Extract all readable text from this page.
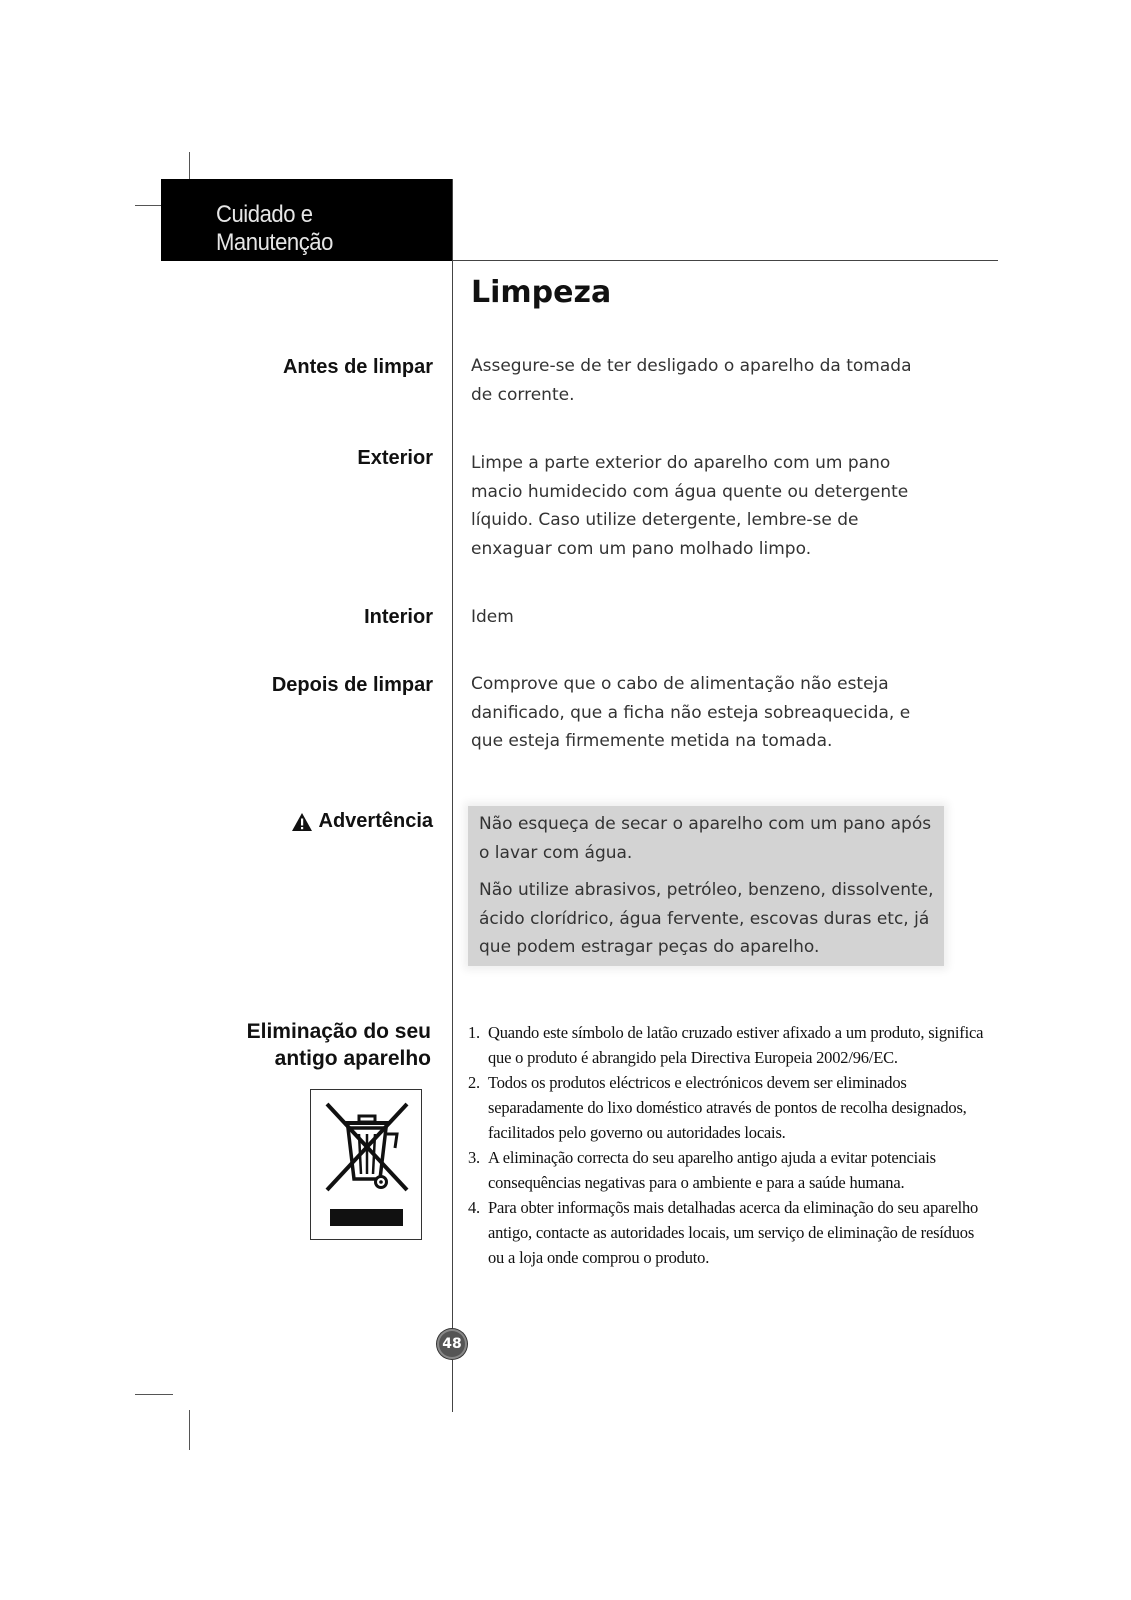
Cuidado e Manutenção
Limpeza
Antes de limpar Assegure-se de ter desligado o aparelho da tomada de corrente.
Exterior Limpe a parte exterior do aparelho com um pano macio humidecido com água quente ou detergente líquido. Caso utilize detergente, lembre-se de enxaguar com um pano molhado limpo.
Interior Idem
Depois de limpar Comprove que o cabo de alimentação não esteja danificado, que a ficha não esteja sobreaquecida, e que esteja firmemente metida na tomada.
Advertência	Não esqueça de secar o aparelho com um pano após o lavar com água.

Não utilize abrasivos, petróleo, benzeno, dissolvente, ácido clorídrico, água fervente, escovas duras etc, já que podem estragar peças do aparelho.

Eliminação do seu
antigo aparelho
1. Quando este símbolo de latão cruzado estiver afixado a um produto, significa que o produto é abrangido pela Directiva Europeia 2002/96/EC.
2. Todos os produtos eléctricos e electrónicos devem ser eliminados separadamente do lixo doméstico através de pontos de recolha designados, facilitados pelo governo ou autoridades locais.
3. A eliminação correcta do seu aparelho antigo ajuda a evitar potenciais consequências negativas para o ambiente e para a saúde humana.
4. Para obter informaçõs mais detalhadas acerca da eliminação do seu aparelho antigo, contacte as autoridades locais, um serviço de eliminação de resíduos ou a loja onde comprou o produto.
48
